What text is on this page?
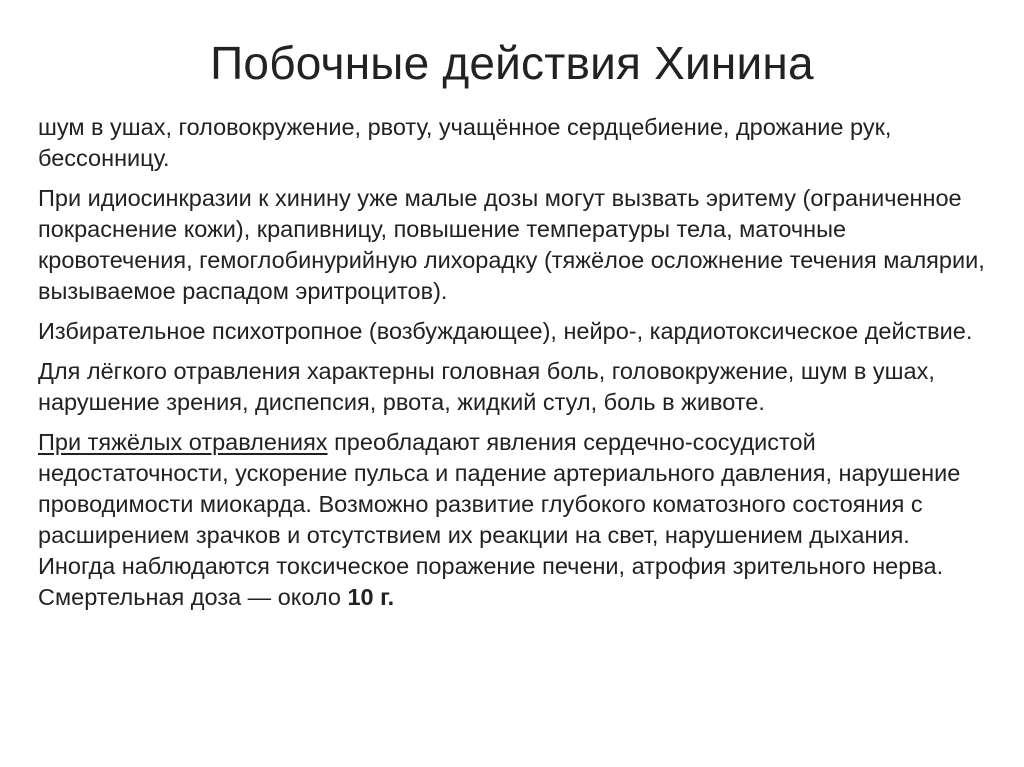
Побочные действия Хинина

шум в ушах, головокружение, рвоту, учащённое сердцебиение, дрожание рук, бессонницу.

При идиосинкразии к хинину уже малые дозы могут вызвать эритему (ограниченное покраснение кожи), крапивницу, повышение температуры тела, маточные кровотечения, гемоглобинурийную лихорадку (тяжёлое осложнение течения малярии, вызываемое распадом эритроцитов).

Избирательное психотропное (возбуждающее), нейро-, кардиотоксическое действие.

Для лёгкого отравления характерны головная боль, головокружение, шум в ушах, нарушение зрения, диспепсия, рвота, жидкий стул, боль в животе.

При тяжёлых отравлениях преобладают явления сердечно-сосудистой недостаточности, ускорение пульса и падение артериального давления, нарушение проводимости миокарда. Возможно развитие глубокого коматозного состояния с расширением зрачков и отсутствием их реакции на свет, нарушением дыхания. Иногда наблюдаются токсическое поражение печени, атрофия зрительного нерва. Смертельная доза — около 10 г.
